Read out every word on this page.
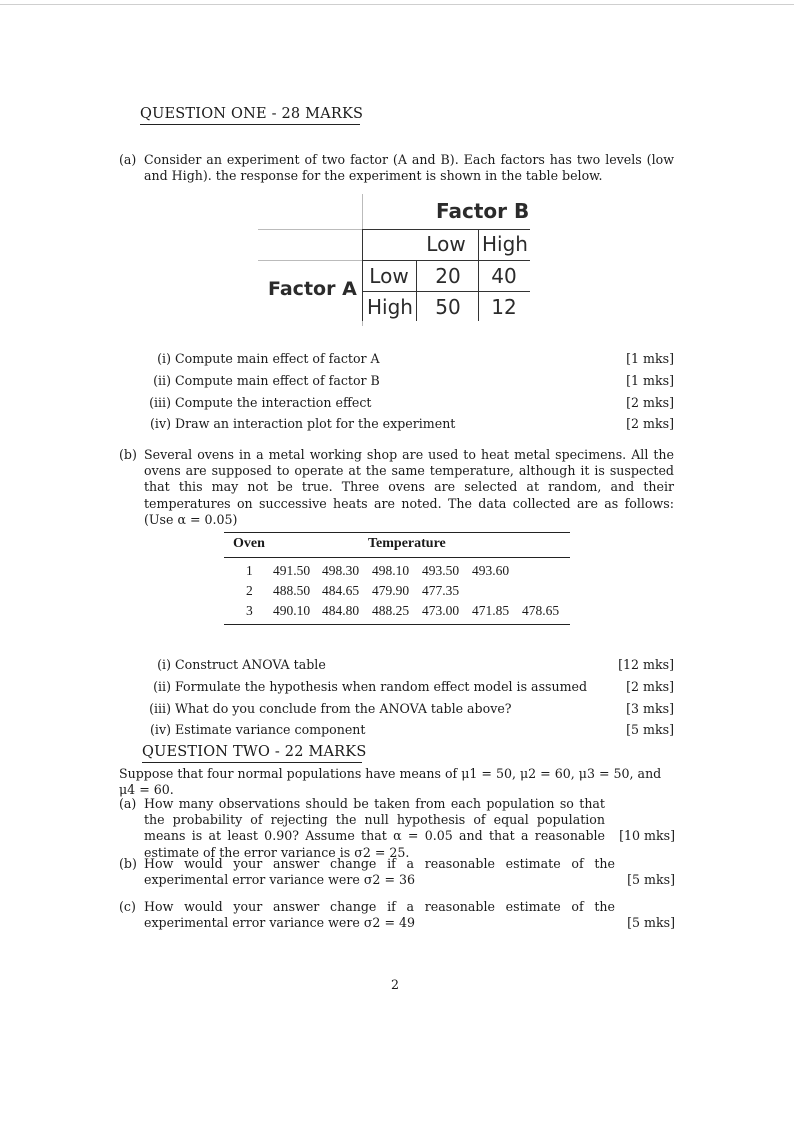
QUESTION ONE - 28 MARKS
(a) Consider an experiment of two factor (A and B). Each factors has two levels (low and High). the response for the experiment is shown in the table below.
Factor B
Low High
Low	20	40
Factor A
High	50	12
(i) Compute main effect of factor A	[1 mks]
(ii) Compute main effect of factor B	[1 mks]
(iii) Compute the interaction effect	[2 mks]
(iv) Draw an interaction plot for the experiment	[2 mks]
(b) Several ovens in a metal working shop are used to heat metal specimens. All the ovens are supposed to operate at the same temperature, although it is suspected that this may not be true. Three ovens are selected at random, and their temperatures on successive heats are noted. The data collected are as follows:(Use α = 0.05)
Oven	Temperature
1 491.50 498.30 498.10 493.50 493.60
2 488.50 484.65 479.90 477.35
3 490.10 484.80 488.25 473.00 471.85 478.65
(i) Construct ANOVA table	[12 mks]
(ii) Formulate the hypothesis when random effect model is assumed	[2 mks]
(iii) What do you conclude from the ANOVA table above?	[3 mks]
(iv) Estimate variance component	[5 mks]
QUESTION TWO - 22 MARKS
Suppose that four normal populations have means of μ1 = 50, μ2 = 60, μ3 = 50, and μ4 = 60.
(a) How many observations should be taken from each population so that the probability of rejecting the null hypothesis of equal population means is at least 0.90? Assume that α = 0.05 and that a reasonable estimate of the error variance is σ2 = 25.
[10 mks]
(b) How would your answer change if a reasonable estimate of the experimental error variance were σ2 = 36	[5 mks]
(c) How would your answer change if a reasonable estimate of the experimental error variance were σ2 = 49	[5 mks]
2
